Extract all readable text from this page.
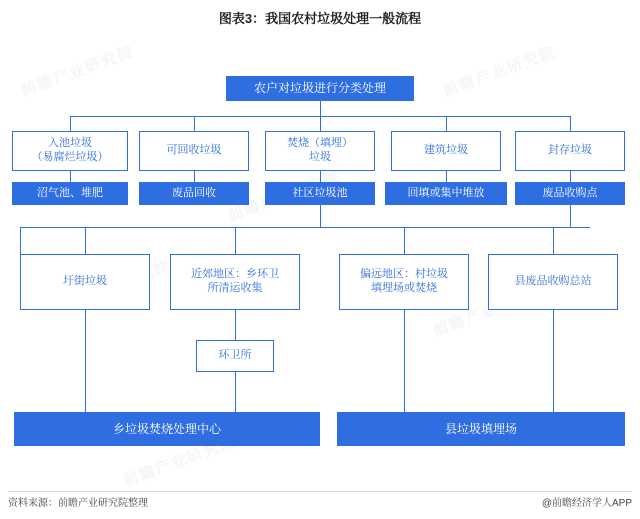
图表3：我国农村垃圾处理一般流程
农户对垃圾进行分类处理
入池垃圾
（易腐烂垃圾）
可回收垃圾
焚烧（填埋）
垃圾
建筑垃圾	封存垃圾
沼气池、堆肥	废品回收	社区垃圾池	回填或集中堆放	废品收购点
圩街垃圾
近郊地区：乡环卫
所清运收集
偏远地区：村垃圾
填埋场或焚烧
县废品收购总站
环卫所
乡垃圾焚烧处理中心	县垃圾填埋场
资料来源：前瞻产业研究院整理	@前瞻经济学人APP
